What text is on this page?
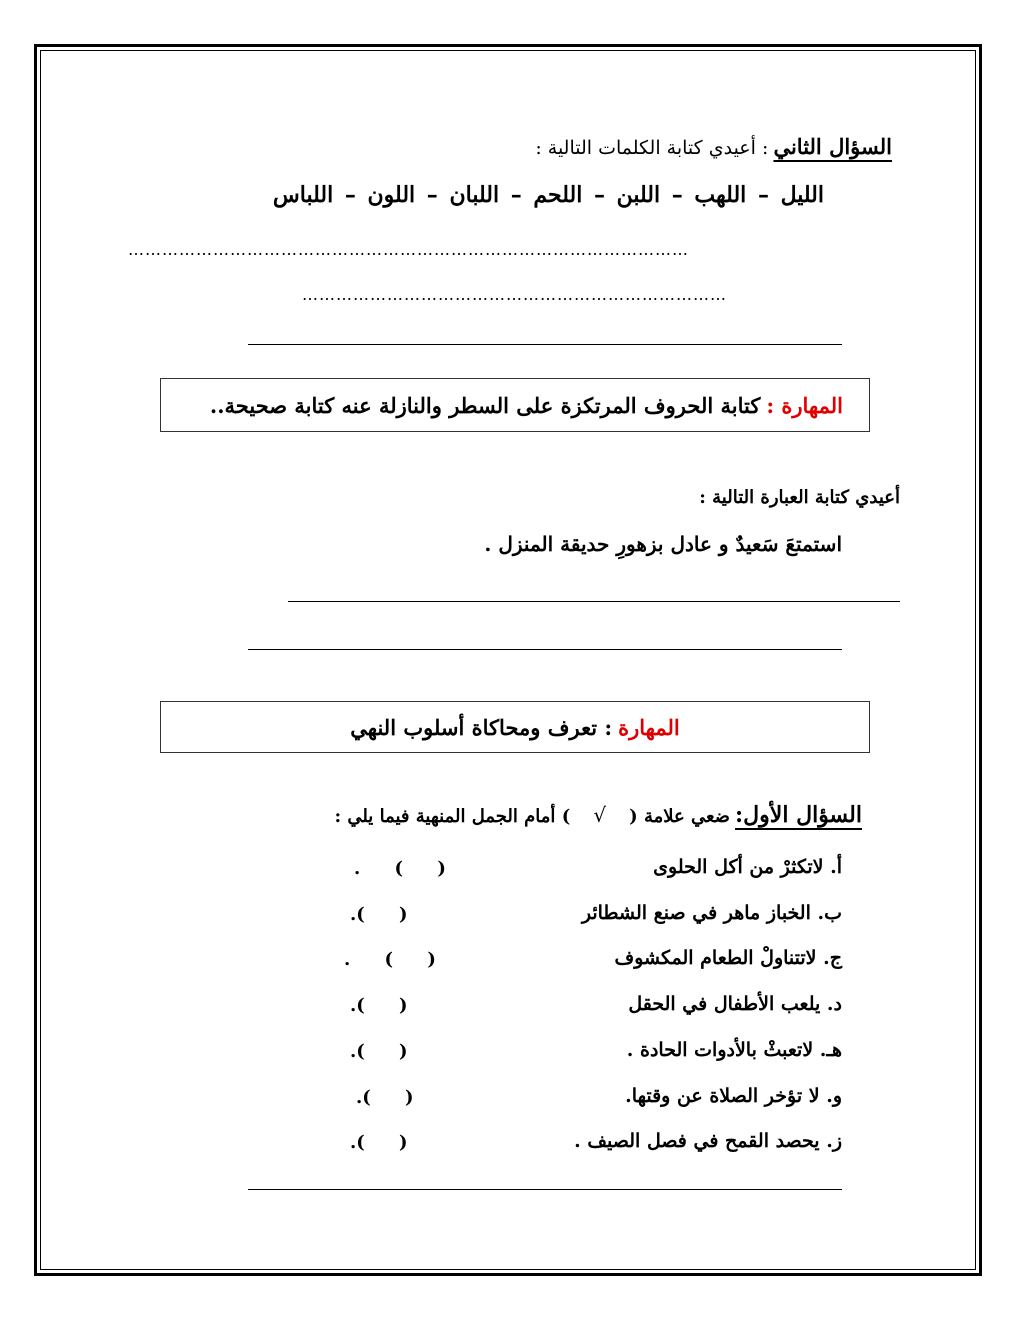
السؤال الثاني : أعيدي كتابة الكلمات التالية :
الليل – اللهب – اللبن – اللحم – اللبان – اللون – اللباس
………………………………………………………………………………………
…………………………………………………………………
المهارة :
كتابة الحروف المرتكزة على السطر والنازلة عنه كتابة صحيحة..
أعيدي كتابة العبارة التالية :
استمتعَ سَعيدٌ و عادل بزهورِ حديقة المنزل .
المهارة
: تعرف ومحاكاة أسلوب النهي
السؤال الأول: ضعي علامة ( √ ) أمام الجمل المنهية فيما يلي :
أ. لاتكثرْ من أكل الحلوى
( ) .
ب. الخباز ماهر في صنع الشطائر
( ).
ج. لاتتناولْ الطعام المكشوف
( ) .
د. يلعب الأطفال في الحقل
( ).
هـ. لاتعبثْ بالأدوات الحادة .
( ).
و. لا تؤخر الصلاة عن وقتها.
( ).
ز. يحصد القمح في فصل الصيف .
( ).
